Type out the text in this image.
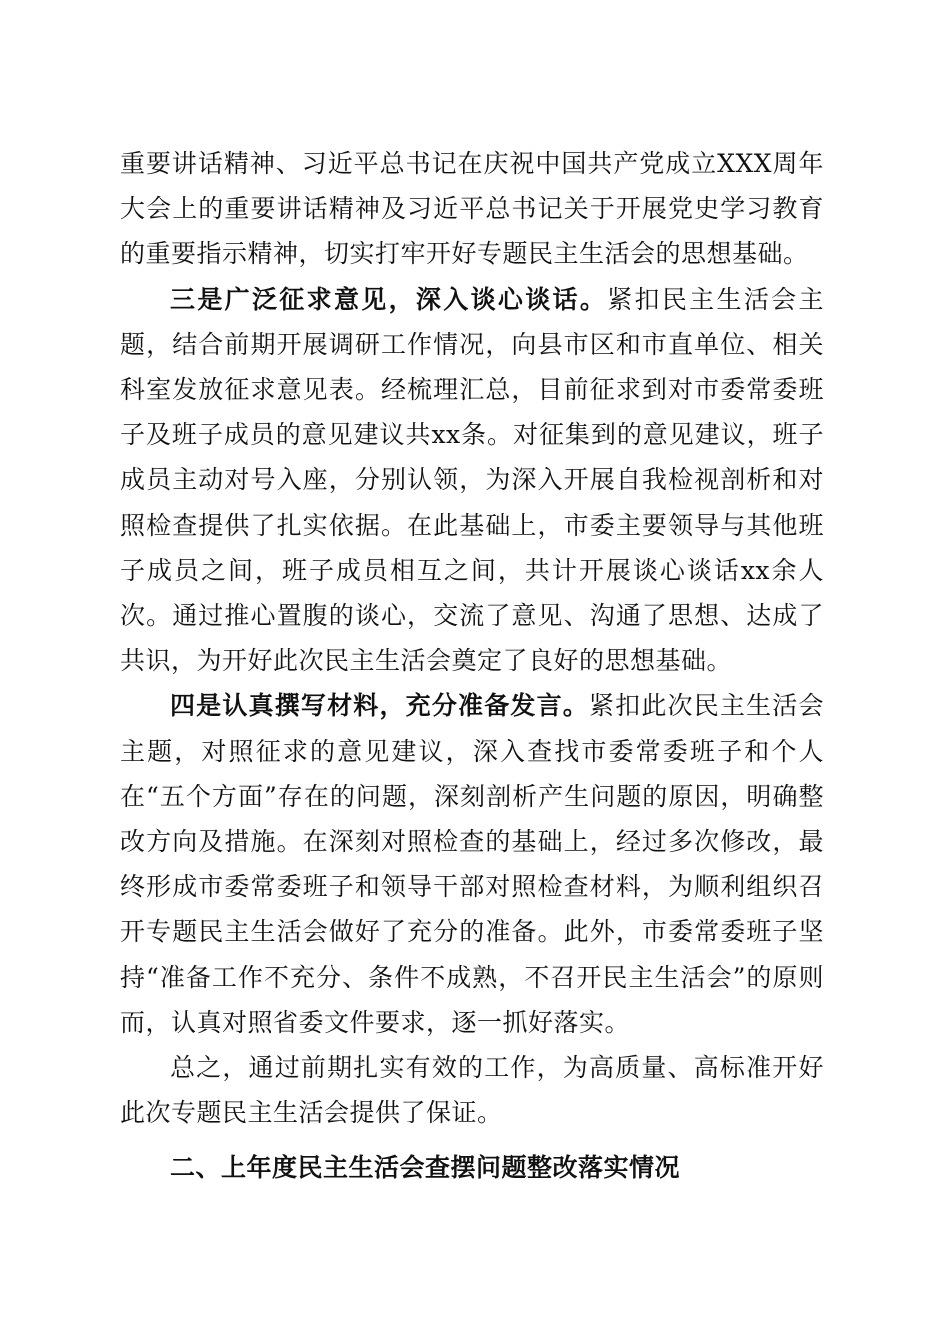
重要讲话精神、习近平总书记在庆祝中国共产党成立XXX周年大会上的重要讲话精神及习近平总书记关于开展党史学习教育的重要指示精神，切实打牢开好专题民主生活会的思想基础。

三是广泛征求意见，深入谈心谈话。紧扣民主生活会主题，结合前期开展调研工作情况，向县市区和市直单位、相关科室发放征求意见表。经梳理汇总，目前征求到对市委常委班子及班子成员的意见建议共xx条。对征集到的意见建议，班子成员主动对号入座，分别认领，为深入开展自我检视剖析和对照检查提供了扎实依据。在此基础上，市委主要领导与其他班子成员之间，班子成员相互之间，共计开展谈心谈话xx余人次。通过推心置腹的谈心，交流了意见、沟通了思想、达成了共识，为开好此次民主生活会奠定了良好的思想基础。

四是认真撰写材料，充分准备发言。紧扣此次民主生活会主题，对照征求的意见建议，深入查找市委常委班子和个人在“五个方面”存在的问题，深刻剖析产生问题的原因，明确整改方向及措施。在深刻对照检查的基础上，经过多次修改，最终形成市委常委班子和领导干部对照检查材料，为顺利组织召开专题民主生活会做好了充分的准备。此外，市委常委班子坚持“准备工作不充分、条件不成熟，不召开民主生活会”的原则而，认真对照省委文件要求，逐一抓好落实。

总之，通过前期扎实有效的工作，为高质量、高标准开好此次专题民主生活会提供了保证。

二、上年度民主生活会查摆问题整改落实情况
